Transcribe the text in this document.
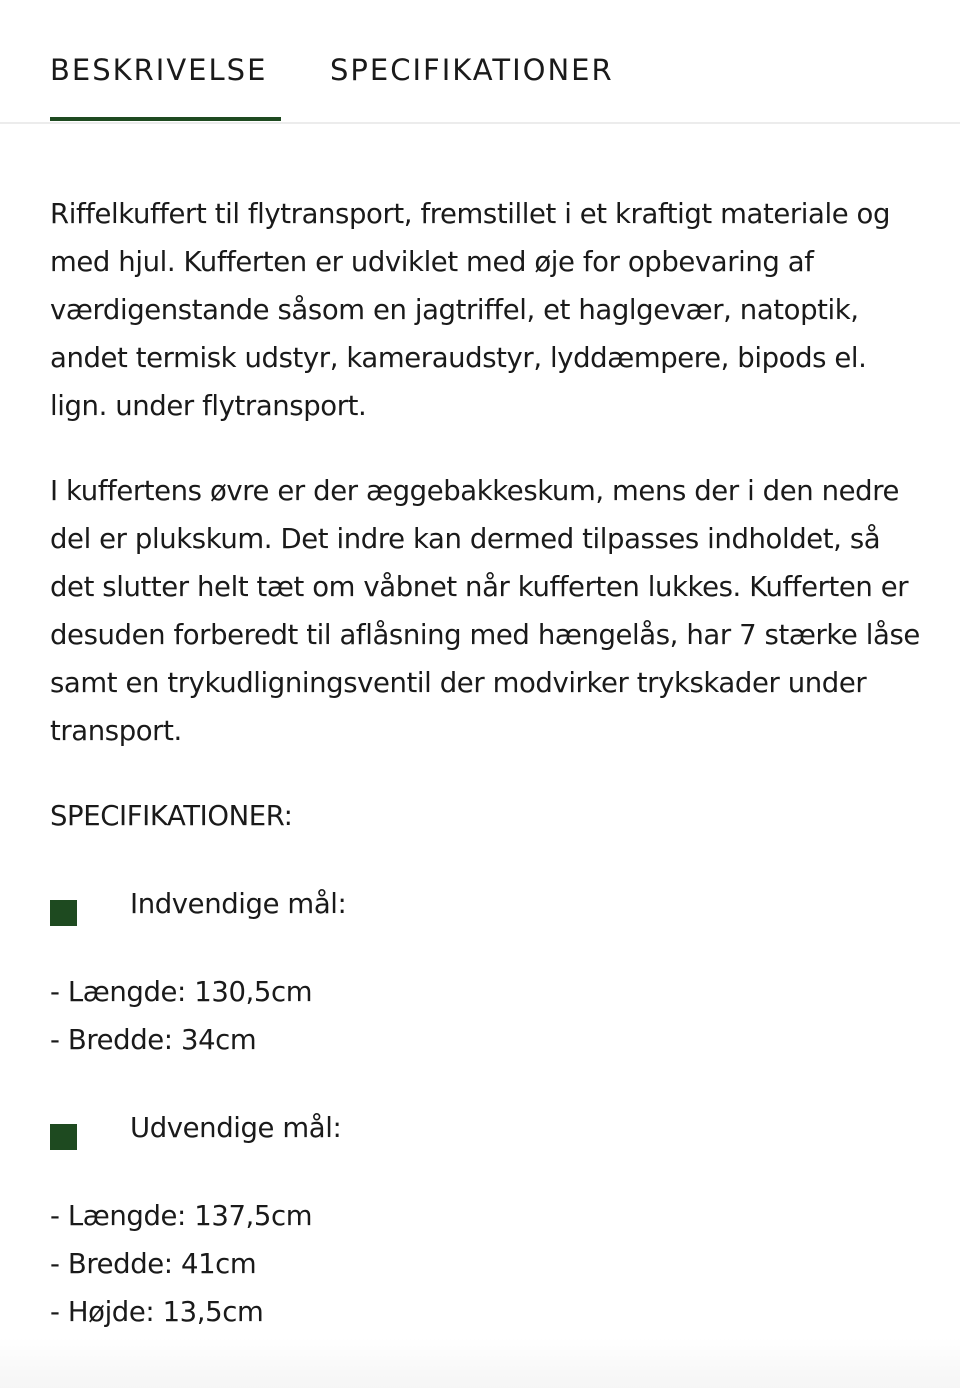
BESKRIVELSE SPECIFIKATIONER

Riffelkuffert til flytransport, fremstillet i et kraftigt materiale og med hjul. Kufferten er udviklet med øje for opbevaring af værdigenstande såsom en jagtriffel, et haglgevær, natoptik, andet termisk udstyr, kameraudstyr, lyddæmpere, bipods el. lign. under flytransport.

I kuffertens øvre er der æggebakkeskum, mens der i den nedre del er plukskum. Det indre kan dermed tilpasses indholdet, så det slutter helt tæt om våbnet når kufferten lukkes. Kufferten er desuden forberedt til aflåsning med hængelås, har 7 stærke låse samt en trykudligningsventil der modvirker trykskader under transport.

SPECIFIKATIONER:

Indvendige mål:
- Længde: 130,5cm
- Bredde: 34cm
Udvendige mål:
- Længde: 137,5cm
- Bredde: 41cm
- Højde: 13,5cm
